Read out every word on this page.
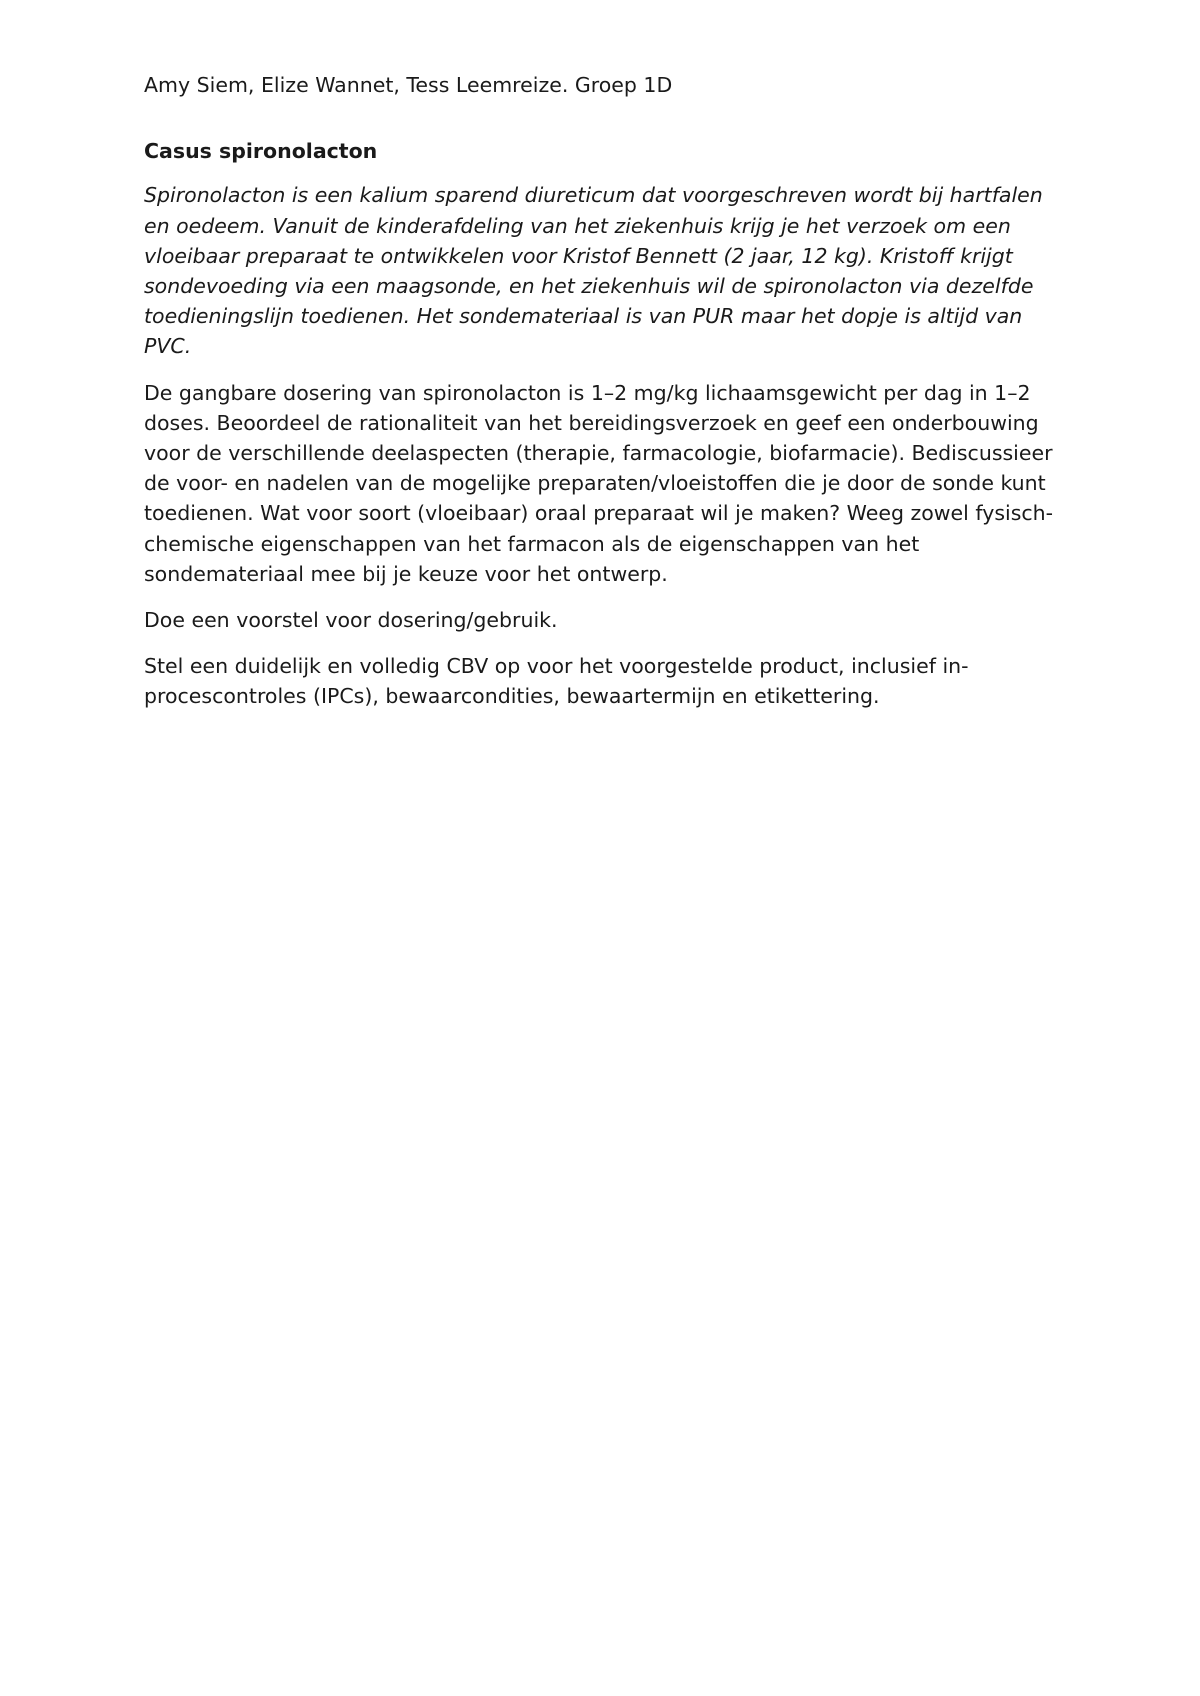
Amy Siem, Elize Wannet, Tess Leemreize. Groep 1D

Casus spironolacton

Spironolacton is een kalium sparend diureticum dat voorgeschreven wordt bij hartfalen en oedeem. Vanuit de kinderafdeling van het ziekenhuis krijg je het verzoek om een vloeibaar preparaat te ontwikkelen voor Kristof Bennett (2 jaar, 12 kg). Kristoff krijgt sondevoeding via een maagsonde, en het ziekenhuis wil de spironolacton via dezelfde toedieningslijn toedienen. Het sondemateriaal is van PUR maar het dopje is altijd van PVC.

De gangbare dosering van spironolacton is 1–2 mg/kg lichaamsgewicht per dag in 1–2 doses. Beoordeel de rationaliteit van het bereidingsverzoek en geef een onderbouwing voor de verschillende deelaspecten (therapie, farmacologie, biofarmacie). Bediscussieer de voor- en nadelen van de mogelijke preparaten/vloeistoffen die je door de sonde kunt toedienen. Wat voor soort (vloeibaar) oraal preparaat wil je maken? Weeg zowel fysisch-chemische eigenschappen van het farmacon als de eigenschappen van het sondemateriaal mee bij je keuze voor het ontwerp.

Doe een voorstel voor dosering/gebruik.

Stel een duidelijk en volledig CBV op voor het voorgestelde product, inclusief in-procescontroles (IPCs), bewaarcondities, bewaartermijn en etikettering.
